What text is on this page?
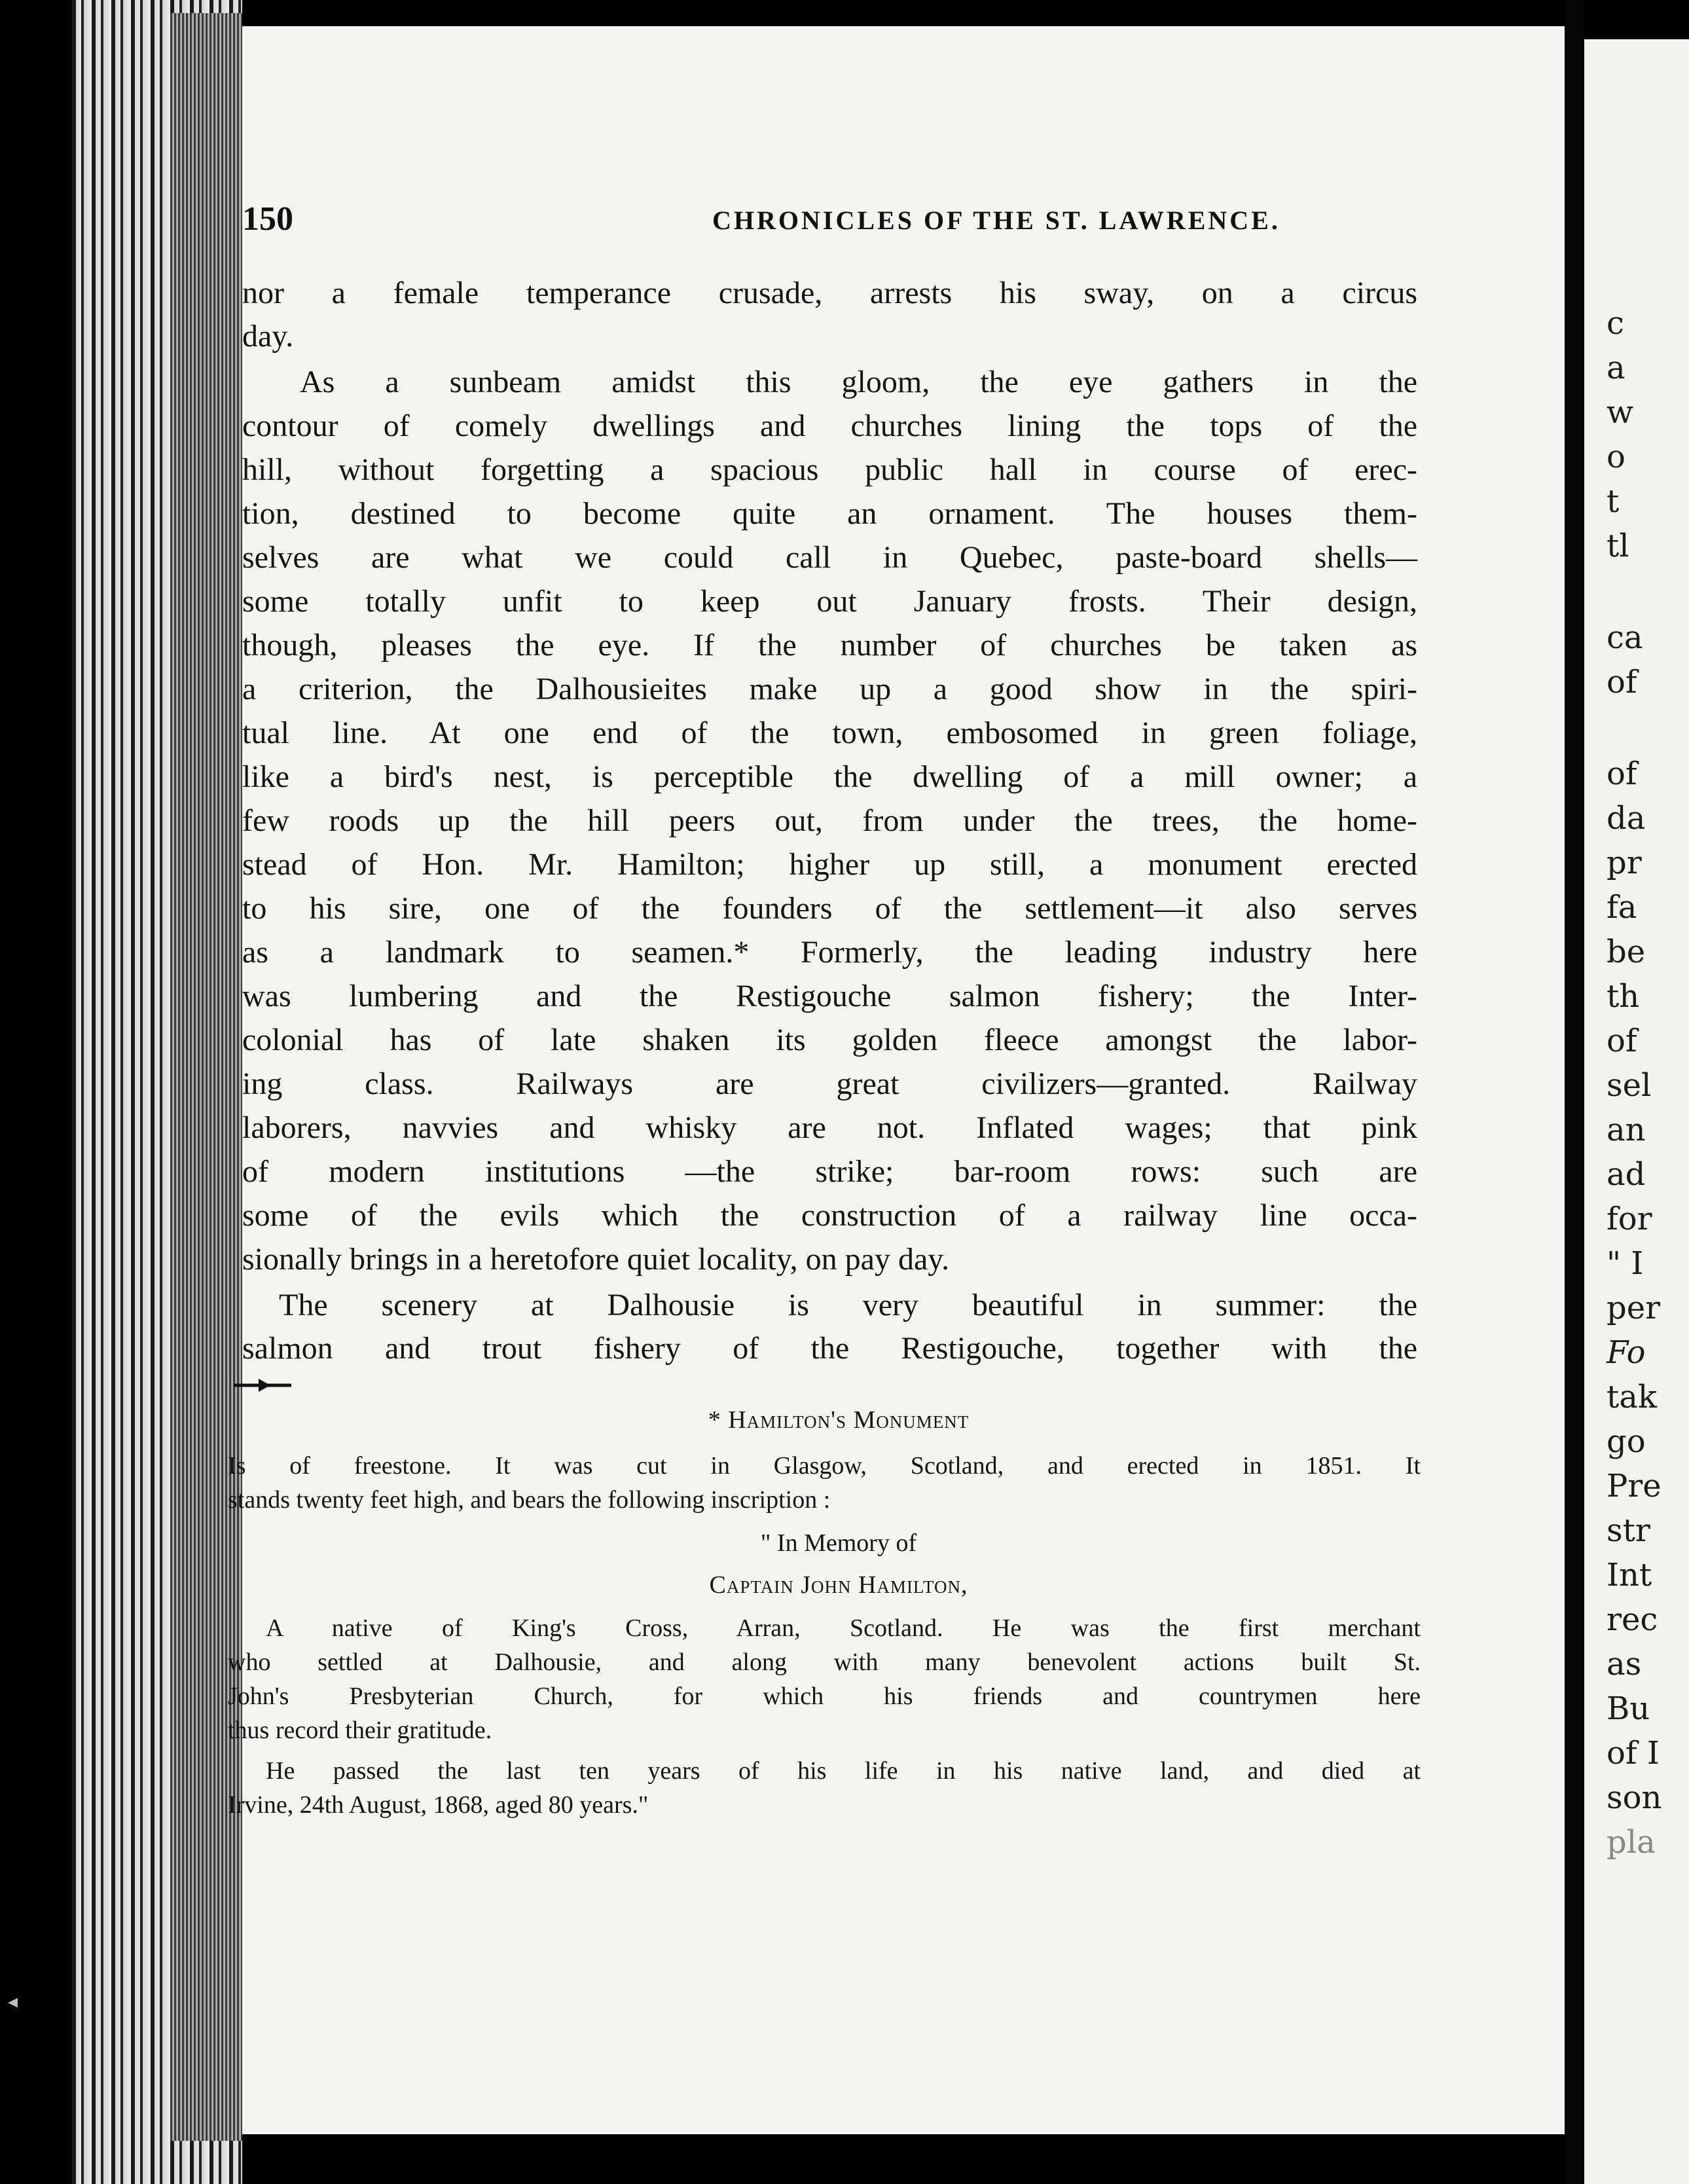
◂
c
a
w
o
t
tl
ca
of
of
da
pr
fa
be
th
of
sel
an
ad
for
" I
per
Fo
tak
go
Pre
str
Int
rec
as
Bu
of I
son
pla
150	CHRONICLES OF THE ST. LAWRENCE.
nor a female temperance crusade, arrests his sway, on a circus
day.
As a sunbeam amidst this gloom, the eye gathers in the
contour of comely dwellings and churches lining the tops of the
hill, without forgetting a spacious public hall in course of erec-
tion, destined to become quite an ornament. The houses them-
selves are what we could call in Quebec, paste-board shells—
some totally unfit to keep out January frosts. Their design,
though, pleases the eye. If the number of churches be taken as
a criterion, the Dalhousieites make up a good show in the spiri-
tual line. At one end of the town, embosomed in green foliage,
like a bird's nest, is perceptible the dwelling of a mill owner; a
few roods up the hill peers out, from under the trees, the home-
stead of Hon. Mr. Hamilton; higher up still, a monument erected
to his sire, one of the founders of the settlement—it also serves
as a landmark to seamen.* Formerly, the leading industry here
was lumbering and the Restigouche salmon fishery; the Inter-
colonial has of late shaken its golden fleece amongst the labor-
ing class. Railways are great civilizers—granted. Railway
laborers, navvies and whisky are not. Inflated wages; that pink
of modern institutions —the strike; bar-room rows: such are
some of the evils which the construction of a railway line occa-
sionally brings in a heretofore quiet locality, on pay day.
The scenery at Dalhousie is very beautiful in summer: the
salmon and trout fishery of the Restigouche, together with the
* Hamilton's Monument
Is of freestone. It was cut in Glasgow, Scotland, and erected in 1851. It
stands twenty feet high, and bears the following inscription :
" In Memory of
Captain John Hamilton,
A native of King's Cross, Arran, Scotland. He was the first merchant
who settled at Dalhousie, and along with many benevolent actions built St.
John's Presbyterian Church, for which his friends and countrymen here
thus record their gratitude.
He passed the last ten years of his life in his native land, and died at
Irvine, 24th August, 1868, aged 80 years."
